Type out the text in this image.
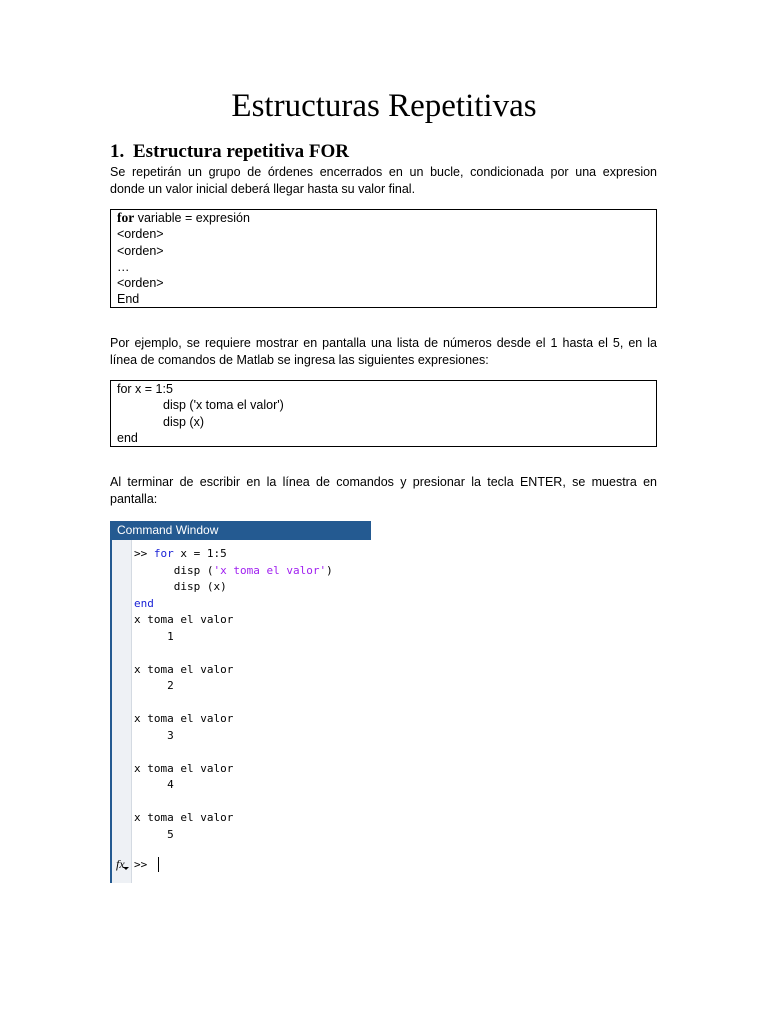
Estructuras Repetitivas
1. Estructura repetitiva FOR
Se repetirán un grupo de órdenes encerrados en un bucle, condicionada por una expresion
donde un valor inicial deberá llegar hasta su valor final.
for variable = expresión
<orden>
<orden>
…
<orden>
End
Por ejemplo, se requiere mostrar en pantalla una lista de números desde el 1 hasta el 5, en la
línea de comandos de Matlab se ingresa las siguientes expresiones:
for x = 1:5
disp ('x toma el valor')
disp (x)
end
Al terminar de escribir en la línea de comandos y presionar la tecla ENTER, se muestra en
pantalla:
Command Window
>> for x = 1:5
disp ('x toma el valor')
disp (x)
end
x toma el valor
1
x toma el valor
2
x toma el valor
3
x toma el valor
4
x toma el valor
5
fx >>
